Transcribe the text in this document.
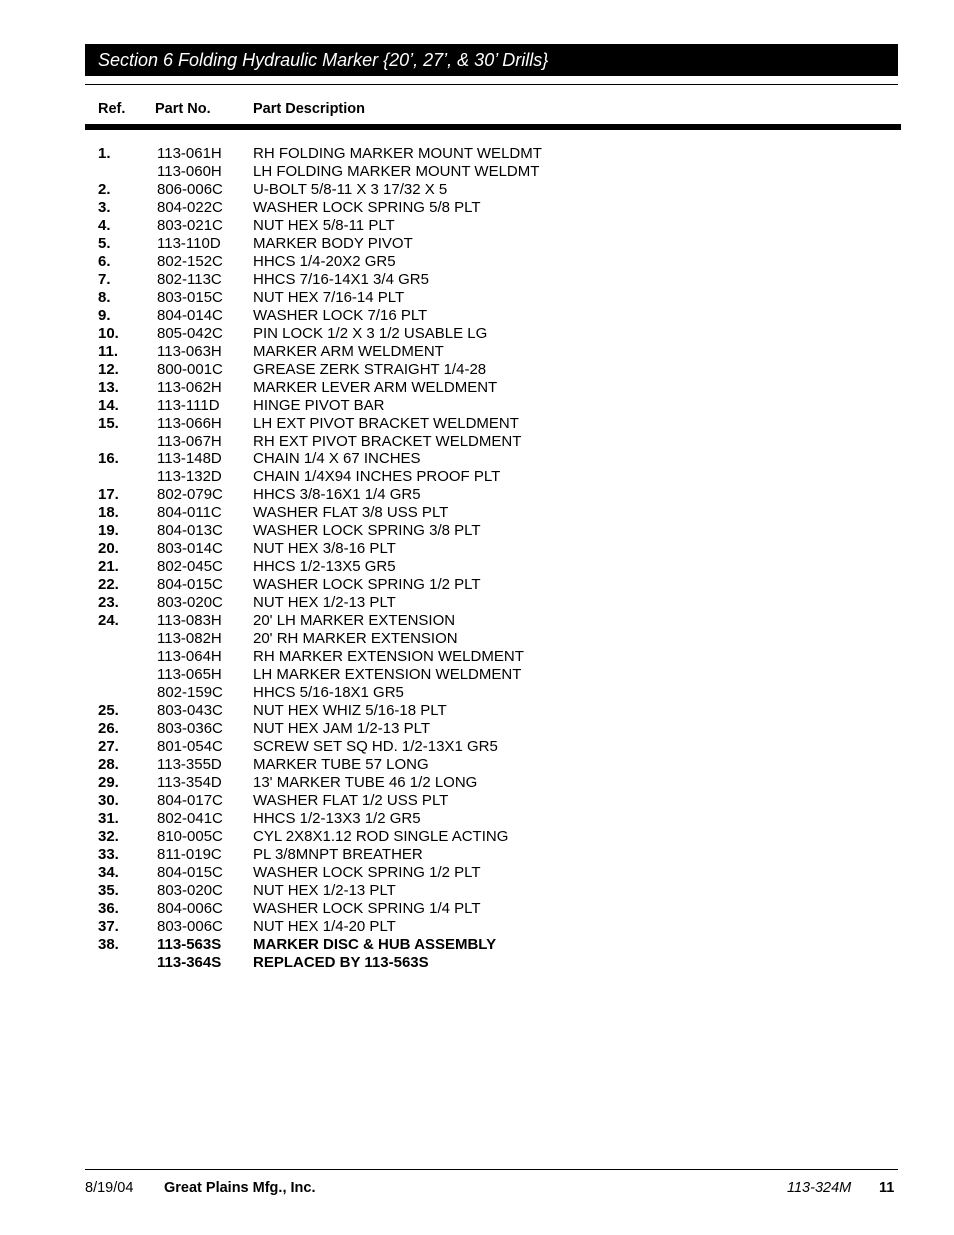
Section 6 Folding Hydraulic Marker {20’, 27’, & 30’ Drills}
Ref. Part No.	Part Description
1.	113-061H RH FOLDING MARKER MOUNT WELDMT
113-060H LH FOLDING MARKER MOUNT WELDMT
2.	806-006C U-BOLT 5/8-11 X 3 17/32 X 5
3.	804-022C WASHER LOCK SPRING 5/8 PLT
4.	803-021C NUT HEX 5/8-11 PLT
5.	113-110D MARKER BODY PIVOT
6.	802-152C HHCS 1/4-20X2 GR5
7.	802-113C HHCS 7/16-14X1 3/4 GR5
8.	803-015C NUT HEX 7/16-14 PLT
9.	804-014C WASHER LOCK 7/16 PLT
10.	805-042C PIN LOCK 1/2 X 3 1/2 USABLE LG
11.	113-063H MARKER ARM WELDMENT
12.	800-001C GREASE ZERK STRAIGHT 1/4-28
13.	113-062H MARKER LEVER ARM WELDMENT
14.	113-111D HINGE PIVOT BAR
15.	113-066H LH EXT PIVOT BRACKET WELDMENT
113-067H RH EXT PIVOT BRACKET WELDMENT
16.	113-148D CHAIN 1/4 X 67 INCHES
113-132D CHAIN 1/4X94 INCHES PROOF PLT
17.	802-079C HHCS 3/8-16X1 1/4 GR5
18.	804-011C WASHER FLAT 3/8 USS PLT
19.	804-013C WASHER LOCK SPRING 3/8 PLT
20.	803-014C NUT HEX 3/8-16 PLT
21.	802-045C HHCS 1/2-13X5 GR5
22.	804-015C WASHER LOCK SPRING 1/2 PLT
23.	803-020C NUT HEX 1/2-13 PLT
24.	113-083H 20' LH MARKER EXTENSION
113-082H 20' RH MARKER EXTENSION
113-064H RH MARKER EXTENSION WELDMENT
113-065H LH MARKER EXTENSION WELDMENT
802-159C HHCS 5/16-18X1 GR5
25.	803-043C NUT HEX WHIZ 5/16-18 PLT
26.	803-036C NUT HEX JAM 1/2-13 PLT
27.	801-054C SCREW SET SQ HD. 1/2-13X1 GR5
28.	113-355D MARKER TUBE 57 LONG
29.	113-354D 13' MARKER TUBE 46 1/2 LONG
30.	804-017C WASHER FLAT 1/2 USS PLT
31.	802-041C HHCS 1/2-13X3 1/2 GR5
32.	810-005C CYL 2X8X1.12 ROD SINGLE ACTING
33.	811-019C PL 3/8MNPT BREATHER
34.	804-015C WASHER LOCK SPRING 1/2 PLT
35.	803-020C NUT HEX 1/2-13 PLT
36.	804-006C WASHER LOCK SPRING 1/4 PLT
37.	803-006C NUT HEX 1/4-20 PLT
38.	113-563S MARKER DISC & HUB ASSEMBLY
113-364S REPLACED BY 113-563S
8/19/04 Great Plains Mfg., Inc.	113-324M 11
